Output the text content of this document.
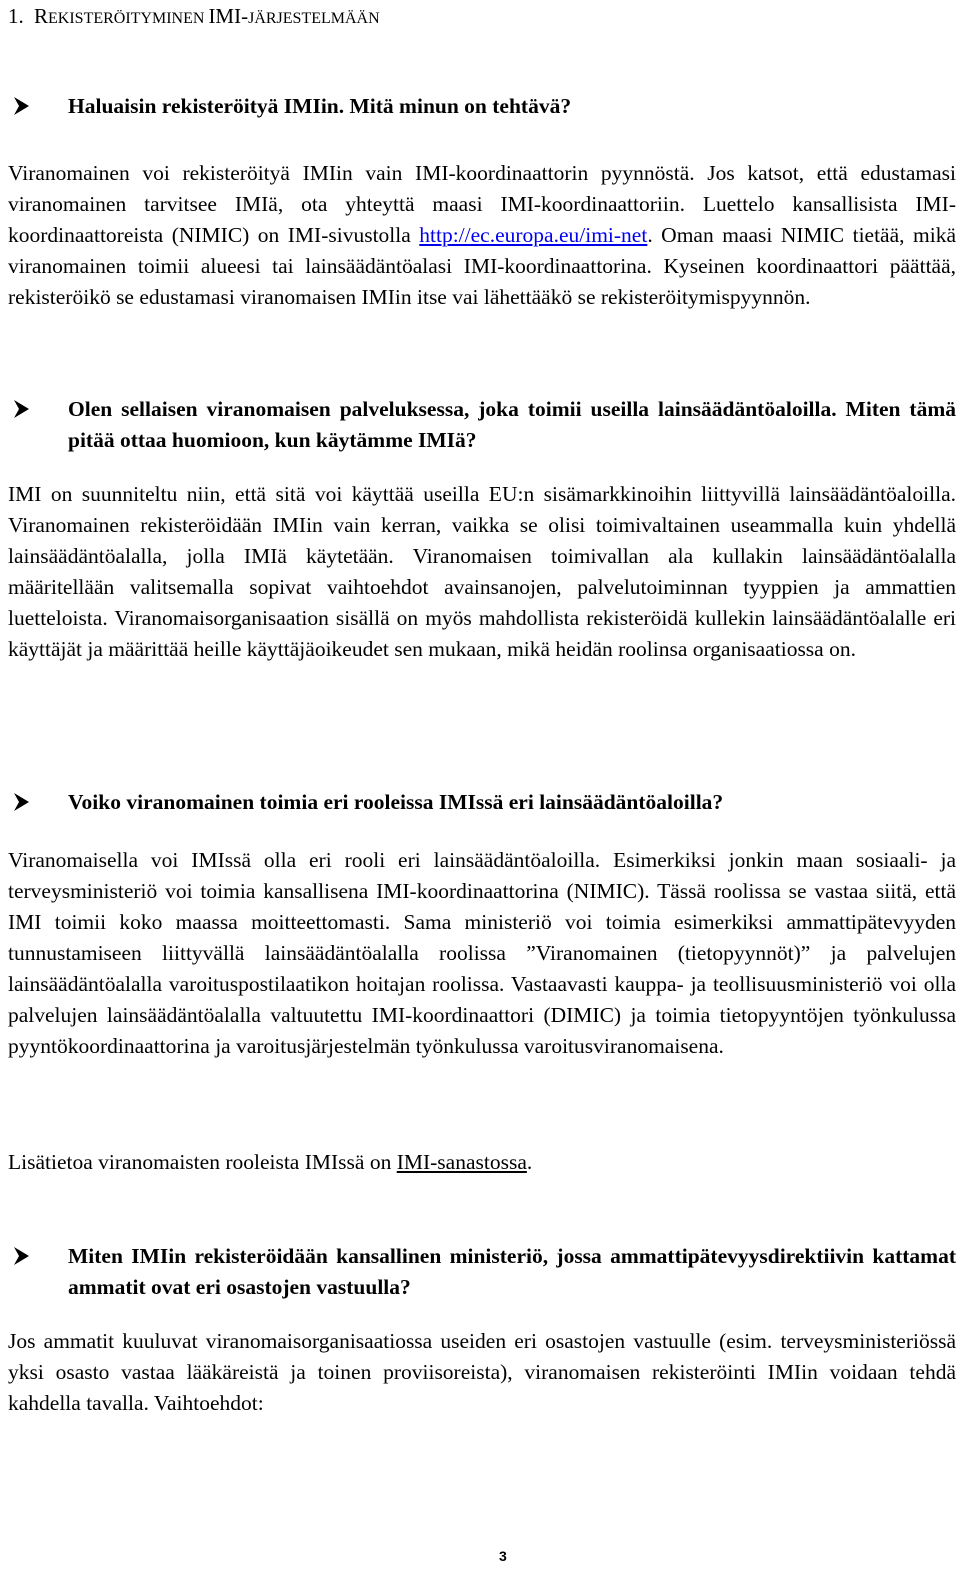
1. REKISTERÖITYMINEN IMI-JÄRJESTELMÄÄN

Haluaisin rekisteröityä IMIin. Mitä minun on tehtävä?

Viranomainen voi rekisteröityä IMIin vain IMI-koordinaattorin pyynnöstä. Jos katsot, että edustamasi viranomainen tarvitsee IMIä, ota yhteyttä maasi IMI-koordinaattoriin. Luettelo kansallisista IMI-koordinaattoreista (NIMIC) on IMI-sivustolla http://ec.europa.eu/imi-net. Oman maasi NIMIC tietää, mikä viranomainen toimii alueesi tai lainsäädäntöalasi IMI-koordinaattorina. Kyseinen koordinaattori päättää, rekisteröikö se edustamasi viranomaisen IMIin itse vai lähettääkö se rekisteröitymispyynnön.

Olen sellaisen viranomaisen palveluksessa, joka toimii useilla lainsäädäntöaloilla. Miten tämä pitää ottaa huomioon, kun käytämme IMIä?

IMI on suunniteltu niin, että sitä voi käyttää useilla EU:n sisämarkkinoihin liittyvillä lainsäädäntöaloilla. Viranomainen rekisteröidään IMIin vain kerran, vaikka se olisi toimivaltainen useammalla kuin yhdellä lainsäädäntöalalla, jolla IMIä käytetään. Viranomaisen toimivallan ala kullakin lainsäädäntöalalla määritellään valitsemalla sopivat vaihtoehdot avainsanojen, palvelutoiminnan tyyppien ja ammattien luetteloista. Viranomaisorganisaation sisällä on myös mahdollista rekisteröidä kullekin lainsäädäntöalalle eri käyttäjät ja määrittää heille käyttäjäoikeudet sen mukaan, mikä heidän roolinsa organisaatiossa on.

Voiko viranomainen toimia eri rooleissa IMIssä eri lainsäädäntöaloilla?

Viranomaisella voi IMIssä olla eri rooli eri lainsäädäntöaloilla. Esimerkiksi jonkin maan sosiaali- ja terveysministeriö voi toimia kansallisena IMI-koordinaattorina (NIMIC). Tässä roolissa se vastaa siitä, että IMI toimii koko maassa moitteettomasti. Sama ministeriö voi toimia esimerkiksi ammattipätevyyden tunnustamiseen liittyvällä lainsäädäntöalalla roolissa ”Viranomainen (tietopyynnöt)” ja palvelujen lainsäädäntöalalla varoituspostilaatikon hoitajan roolissa. Vastaavasti kauppa- ja teollisuusministeriö voi olla palvelujen lainsäädäntöalalla valtuutettu IMI-koordinaattori (DIMIC) ja toimia tietopyyntöjen työnkulussa pyyntökoordinaattorina ja varoitusjärjestelmän työnkulussa varoitusviranomaisena.

Lisätietoa viranomaisten rooleista IMIssä on IMI-sanastossa.

Miten IMIin rekisteröidään kansallinen ministeriö, jossa ammattipätevyysdirektiivin kattamat ammatit ovat eri osastojen vastuulla?

Jos ammatit kuuluvat viranomaisorganisaatiossa useiden eri osastojen vastuulle (esim. terveysministeriössä yksi osasto vastaa lääkäreistä ja toinen proviisoreista), viranomaisen rekisteröinti IMIin voidaan tehdä kahdella tavalla. Vaihtoehdot:

3
